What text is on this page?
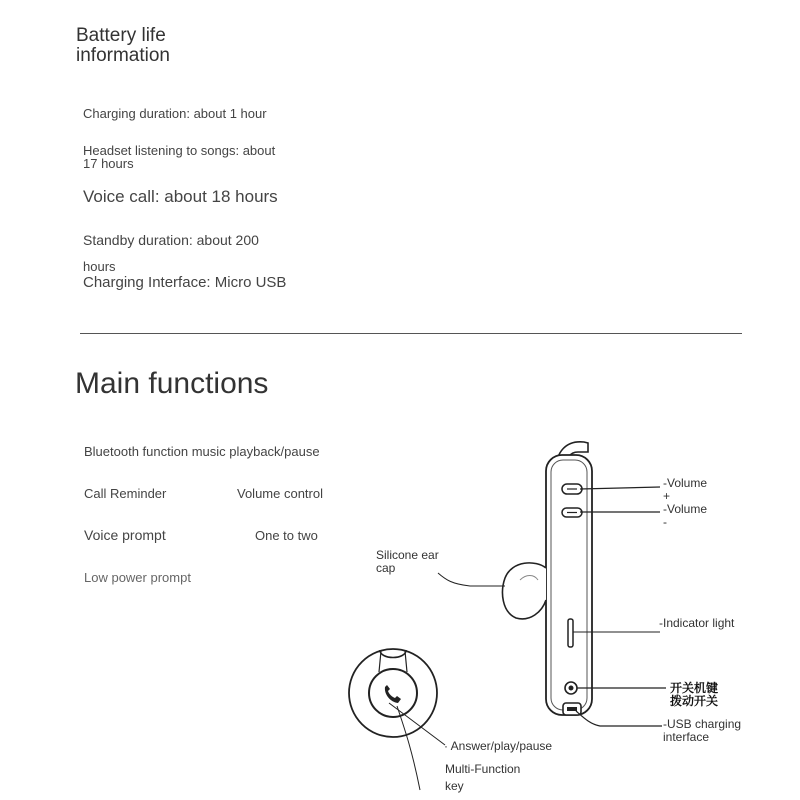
Battery life
information
Charging duration: about 1 hour
Headset listening to songs: about
17 hours
Voice call: about 18 hours
Standby duration: about 200
hours
Charging Interface: Micro USB
Main functions
Bluetooth function music playback/pause
Call Reminder	Volume control
Voice prompt	One to two
Low power prompt
Silicone ear
cap
-Volume
+
-Volume
-
-Indicator light
开关机键
拨动开关
-USB charging
interface
· Answer/play/pause
Multi-Function
key
